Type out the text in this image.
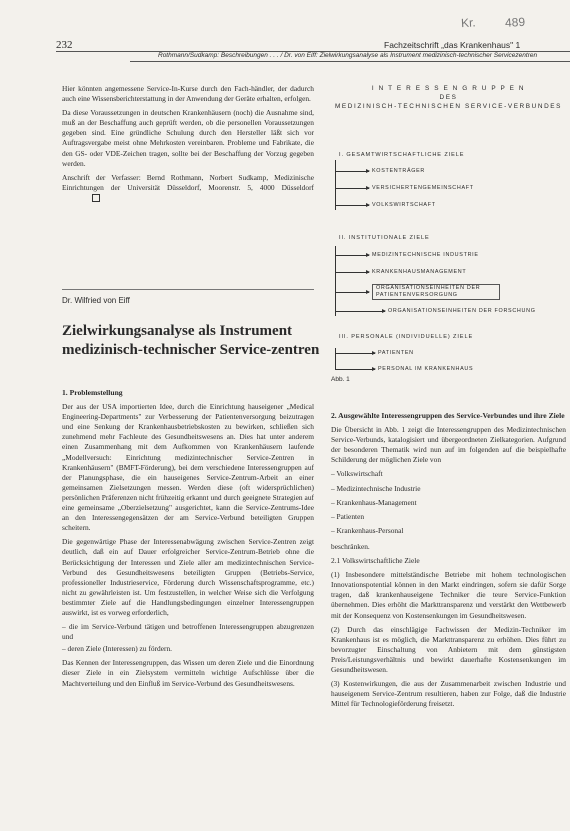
Kr. 489
232	Fachzeitschrift „das Krankenhaus" 1
Rothmann/Sudkamp: Beschreibungen . . . / Dr. von Eiff: Zielwirkungsanalyse als Instrument medizinisch-technischer Servicezentren

Hier könnten angemessene Service-In-Kurse durch den Fach-händler, der dadurch auch eine Wissensberichterstattung in der Anwendung der Geräte erhalten, erfolgen.

Da diese Voraussetzungen in deutschen Krankenhäusern (noch) die Ausnahme sind, muß an der Beschaffung auch geprüft werden, ob die personellen Voraussetzungen gegeben sind. Eine gründliche Schulung durch den Hersteller läßt sich vor Auftragsvergabe meist ohne Mehrkosten vereinbaren. Probleme und Fabrikate, die den GS- oder VDE-Zeichen tragen, sollte bei der Beschaffung der Vorzug gegeben werden.

Anschrift der Verfasser: Bernd Rothmann, Norbert Sudkamp, Medizinische Einrichtungen der Universität Düsseldorf, Moorenstr. 5, 4000 Düsseldorf

Dr. Wilfried von Eiff
Zielwirkungsanalyse als Instrument medizinisch-technischer Service-zentren

1. Problemstellung

Der aus der USA importierten Idee, durch die Einrichtung hauseigener „Medical Engineering-Departments" zur Verbesserung der Patientenversorgung beizutragen und eine Senkung der Krankenhausbetriebskosten zu bewirken, schließen sich zunehmend mehr Fachleute des Gesundheitswesens an. Dies hat unter anderem einen Zusammenhang mit dem Aufkommen von Krankenhäusern laufende „Modellversuch: Einrichtung medizintechnischer Service-Zentren in Krankenhäusern" (BMFT-Förderung), bei dem verschiedene Interessengruppen auf der Planungsphase, die ein hauseigenes Service-Zentrum-Arbeit an einer gemeinsamen Zielsetzungen messen. Werden diese (oft widersprüchlichen) persönlichen Präferenzen nicht frühzeitig erkannt und durch geeignete Strategien auf eine gemeinsame „Oberzielsetzung" ausgerichtet, kann die Service-Zentrums-Idee an den Interessengegensätzen der am Service-Verbund beteiligten Gruppen scheitern.

Die gegenwärtige Phase der Interessenabwägung zwischen Service-Zentren zeigt deutlich, daß ein auf Dauer erfolgreicher Service-Zentrum-Betrieb ohne die Berücksichtigung der Interessen und Ziele aller am medizintechnischen Service-Verbund des Gesundheitswesens beteiligten Gruppen (Betriebs-Service, professioneller Industrieservice, Förderung durch Wissenschaftsprogramme, etc.) nicht zu gewährleisten ist. Um festzustellen, in welcher Weise sich die Verfolgung bestimmter Ziele auf die Handlungsbedingungen einzelner Interessengruppen auswirkt, ist es vorweg erforderlich,

– die im Service-Verbund tätigen und betroffenen Interessengruppen abzugrenzen und

– deren Ziele (Interessen) zu fördern.

Das Kennen der Interessengruppen, das Wissen um deren Ziele und die Einordnung dieser Ziele in ein Zielsystem vermitteln wichtige Aufschlüsse über die Machtverteilung und den Einfluß im Service-Verbund des Gesundheitswesens.

I N T E R E S S E N G R U P P E N
DES
MEDIZINISCH-TECHNISCHEN SERVICE-VERBUNDES
I. GESAMTWIRTSCHAFTLICHE ZIELE
KOSTENTRÄGER
VERSICHERTENGEMEINSCHAFT
VOLKSWIRTSCHAFT
II. INSTITUTIONALE ZIELE
MEDIZINTECHNISCHE INDUSTRIE
KRANKENHAUSMANAGEMENT
ORGANISATIONSEINHEITEN DER PATIENTENVERSORGUNG
ORGANISATIONSEINHEITEN DER FORSCHUNG
III. PERSONALE (INDIVIDUELLE) ZIELE
PATIENTEN
PERSONAL IM KRANKENHAUS
Abb. 1

2. Ausgewählte Interessengruppen des Service-Verbundes und ihre Ziele

Die Übersicht in Abb. 1 zeigt die Interessengruppen des Medizintechnischen Service-Verbunds, katalogisiert und übergeordneten Zielkategorien. Aufgrund der besonderen Thematik wird nun auf im folgenden auf die beispielhafte Schilderung der möglichen Ziele von

– Volkswirtschaft
– Medizintechnische Industrie
– Krankenhaus-Management
– Patienten
– Krankenhaus-Personal

beschränken.

2.1 Volkswirtschaftliche Ziele

(1) Insbesondere mittelständische Betriebe mit hohem technologischen Innovationspotential können in den Markt eindringen, sofern sie dafür Sorge tragen, daß krankenhauseigene Techniker die teure Service-Funktion übernehmen. Dies erhöht die Markttransparenz und verstärkt den Wettbewerb mit der Konsequenz von Kostensenkungen im Gesundheitswesen.

(2) Durch das einschlägige Fachwissen der Medizin-Techniker im Krankenhaus ist es möglich, die Markttransparenz zu erhöhen. Dies führt zu bevorzugter Einschaltung von Anbietern mit dem günstigsten Preis/Leistungsverhältnis und bewirkt dauerhafte Kostensenkungen im Gesundheitswesen.

(3) Kostenwirkungen, die aus der Zusammenarbeit zwischen Industrie und hauseigenem Service-Zentrum resultieren, haben zur Folge, daß die Industrie Mittel für Technologieförderung freisetzt.
